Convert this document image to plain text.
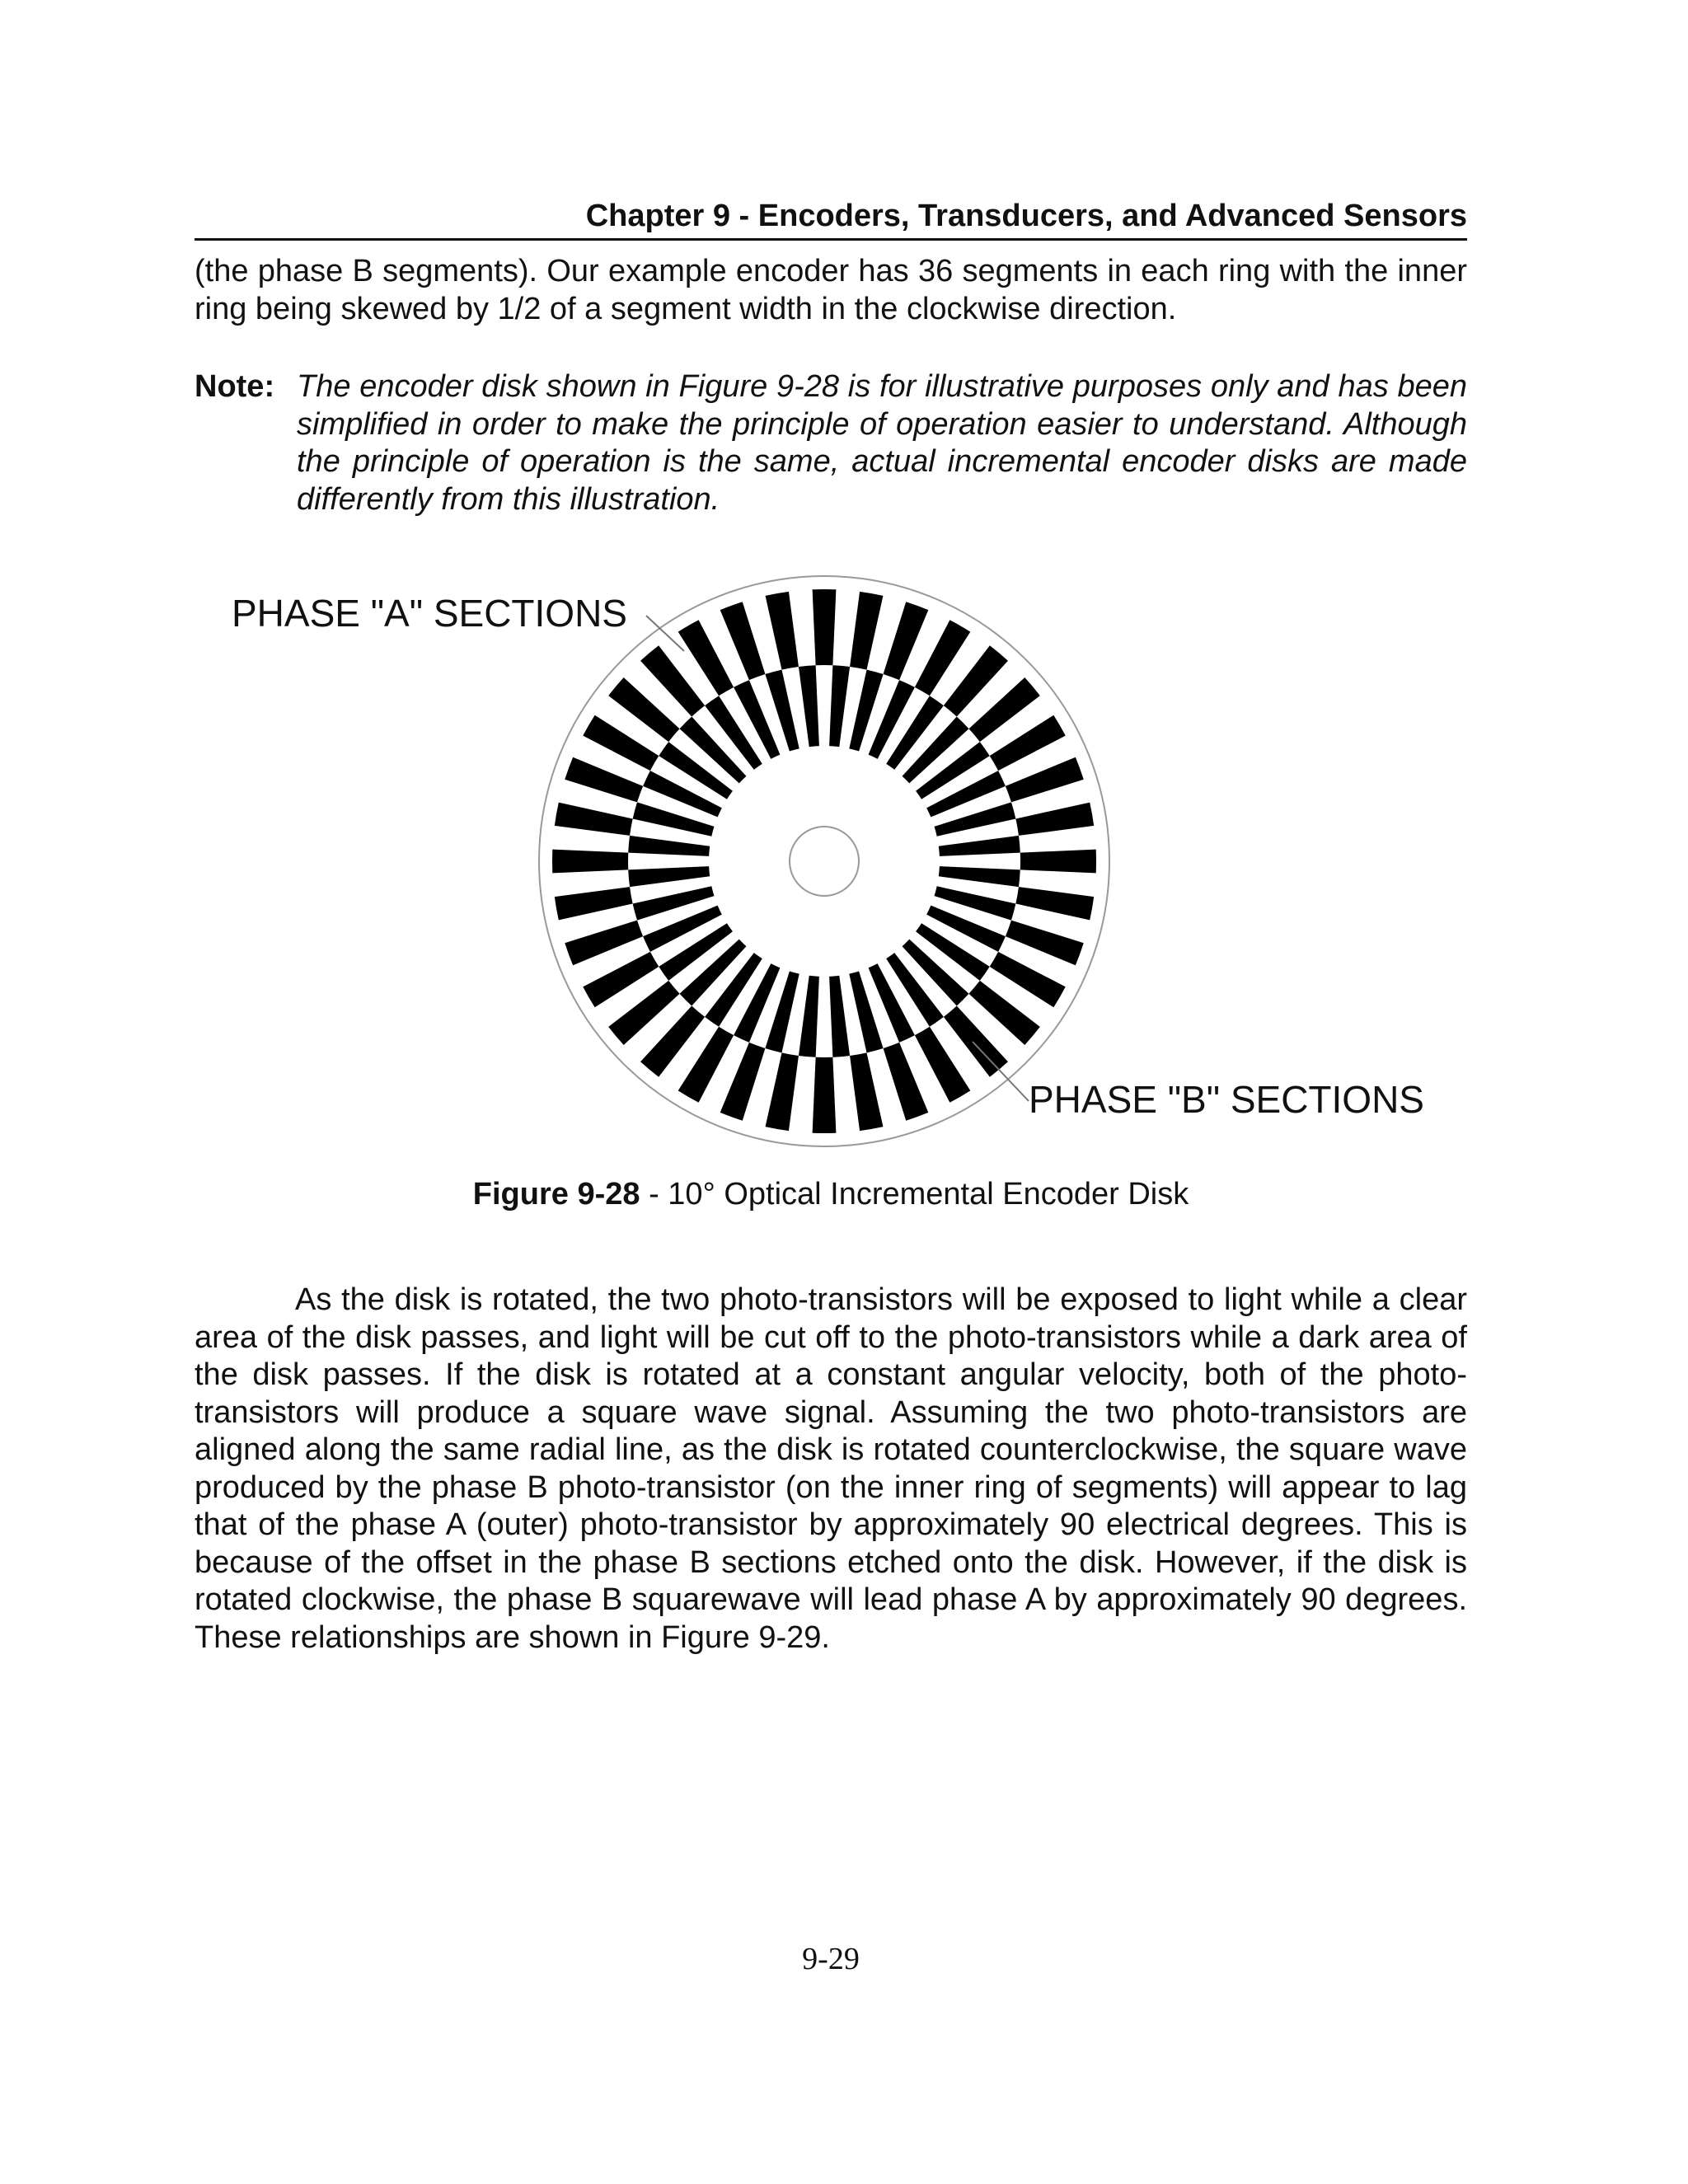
Chapter 9 - Encoders, Transducers, and Advanced Sensors

(the phase B segments). Our example encoder has 36 segments in each ring with the inner ring being skewed by 1/2 of a segment width in the clockwise direction.

Note: The encoder disk shown in Figure 9-28 is for illustrative purposes only and has been simplified in order to make the principle of operation easier to understand. Although the principle of operation is the same, actual incremental encoder disks are made differently from this illustration.
PHASE "A" SECTIONS
PHASE "B" SECTIONS
Figure 9-28 - 10° Optical Incremental Encoder Disk

As the disk is rotated, the two photo-transistors will be exposed to light while a clear area of the disk passes, and light will be cut off to the photo-transistors while a dark area of the disk passes. If the disk is rotated at a constant angular velocity, both of the photo-transistors will produce a square wave signal. Assuming the two photo-transistors are aligned along the same radial line, as the disk is rotated counterclockwise, the square wave produced by the phase B photo-transistor (on the inner ring of segments) will appear to lag that of the phase A (outer) photo-transistor by approximately 90 electrical degrees. This is because of the offset in the phase B sections etched onto the disk. However, if the disk is rotated clockwise, the phase B squarewave will lead phase A by approximately 90 degrees. These relationships are shown in Figure 9-29.

9-29
